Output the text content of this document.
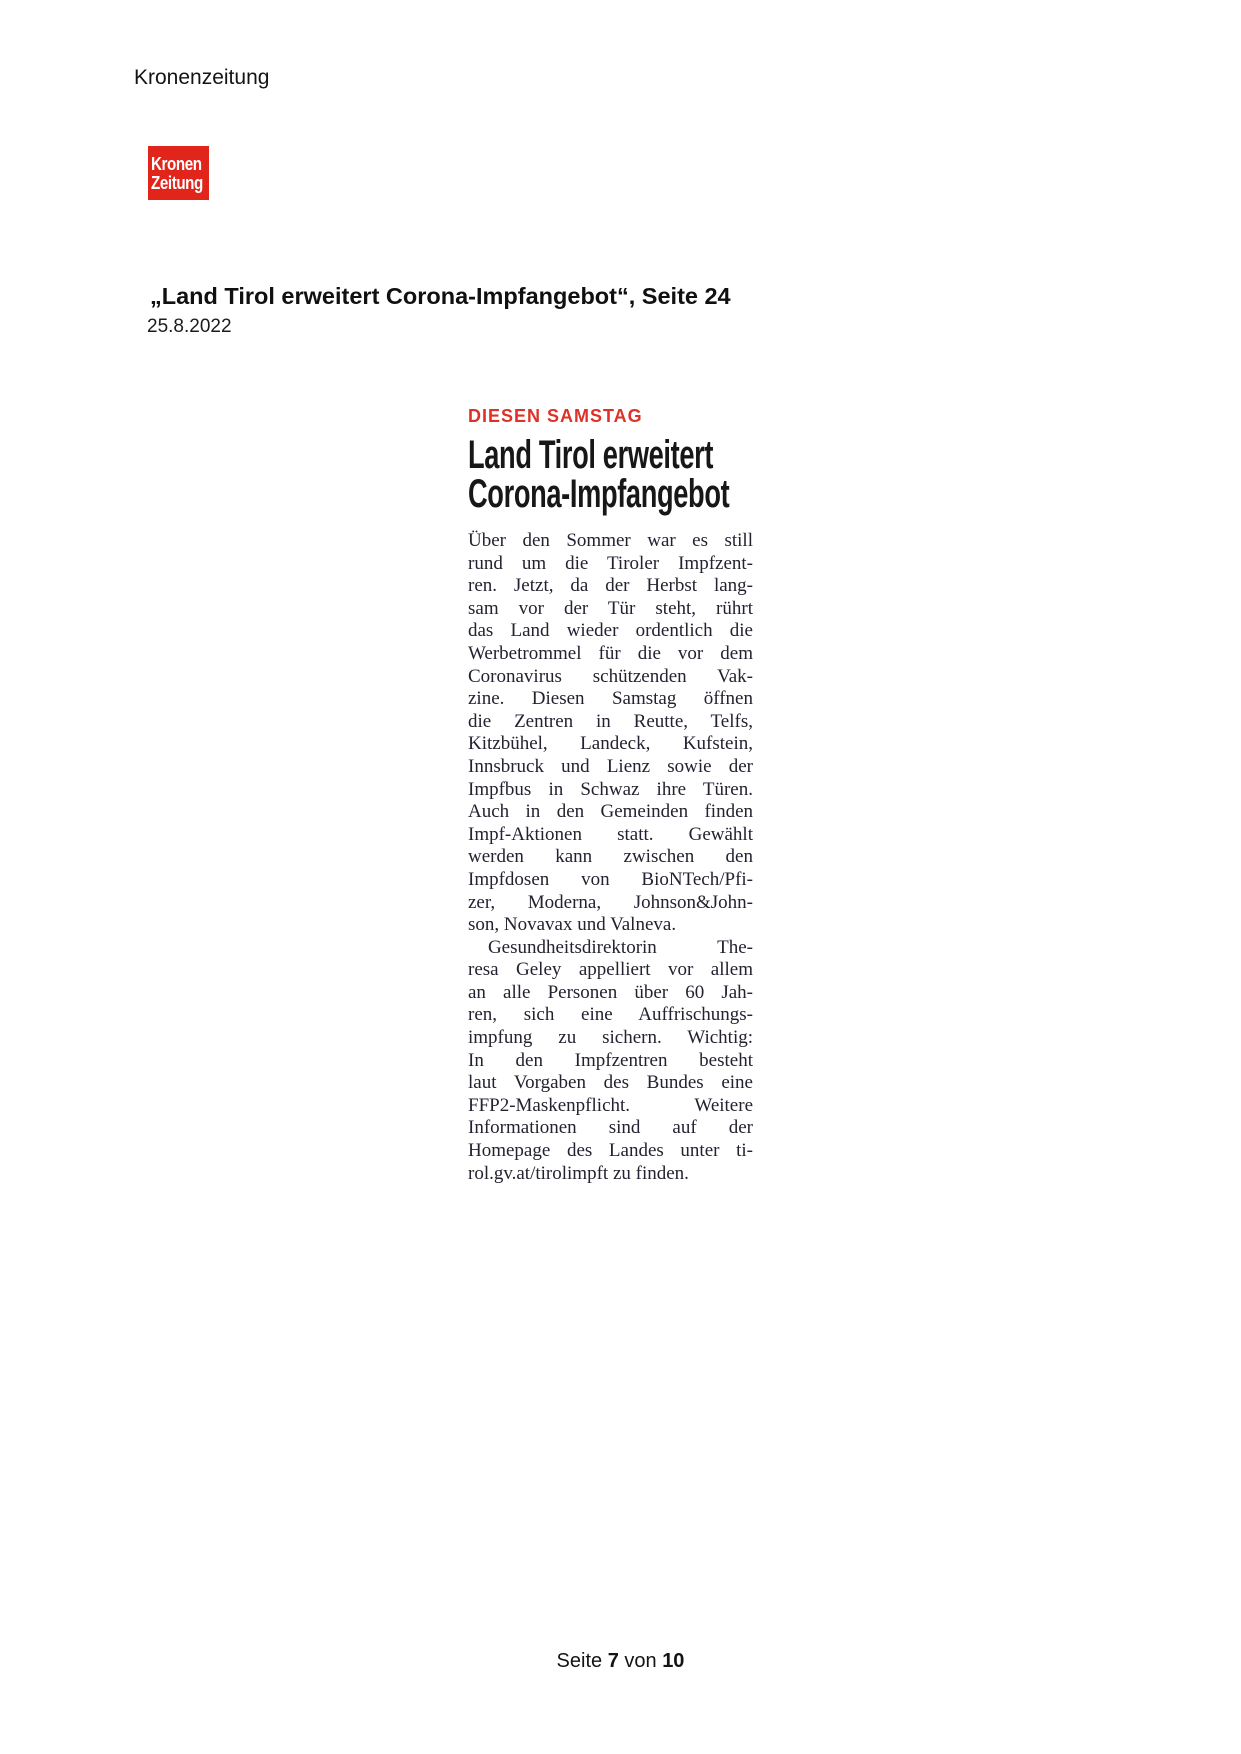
Kronenzeitung
Kronen
Zeitung
„Land Tirol erweitert Corona-Impfangebot“, Seite 24
25.8.2022
DIESEN SAMSTAG
Land Tirol erweitert
Corona-Impfangebot
Über den Sommer war es still
rund um die Tiroler Impfzent-
ren. Jetzt, da der Herbst lang-
sam vor der Tür steht, rührt
das Land wieder ordentlich die
Werbetrommel für die vor dem
Coronavirus schützenden Vak-
zine. Diesen Samstag öffnen
die Zentren in Reutte, Telfs,
Kitzbühel, Landeck, Kufstein,
Innsbruck und Lienz sowie der
Impfbus in Schwaz ihre Türen.
Auch in den Gemeinden finden
Impf-Aktionen statt. Gewählt
werden kann zwischen den
Impfdosen von BioNTech/Pfi-
zer, Moderna, Johnson&John-
son, Novavax und Valneva.
Gesundheitsdirektorin The-
resa Geley appelliert vor allem
an alle Personen über 60 Jah-
ren, sich eine Auffrischungs-
impfung zu sichern. Wichtig:
In den Impfzentren besteht
laut Vorgaben des Bundes eine
FFP2-Maskenpflicht. Weitere
Informationen sind auf der
Homepage des Landes unter ti-
rol.gv.at/tirolimpft zu finden.
Seite 7 von 10
